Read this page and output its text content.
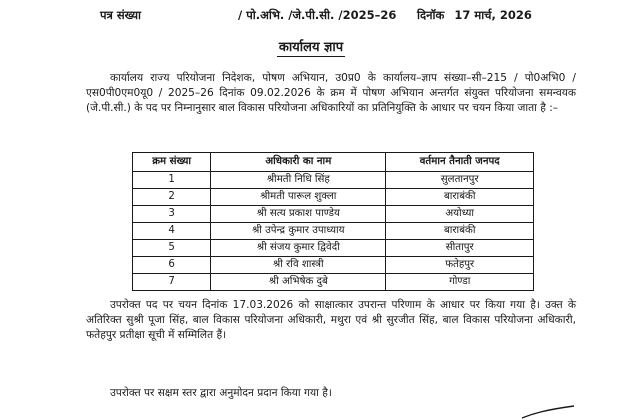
पत्र संख्या	/ पो.अभि. /जे.पी.सी. /2025–26 दिनॉक 17 मार्च, 2026
कार्यालय ज्ञाप
कार्यालय राज्य परियोजना निदेशक, पोषण अभियान, उ0प्र0 के कार्यालय–ज्ञाप संख्या–सी–215 / पो0अभि0 / एस0पी0एम0यू0 / 2025–26 दिनांक 09.02.2026 के क्रम में पोषण अभियान अन्तर्गत संयुक्त परियोजना समन्वयक (जे.पी.सी.) के पद पर निम्नानुसार बाल विकास परियोजना अधिकारियों का प्रतिनियुक्ति के आधार पर चयन किया जाता है :–
क्रम संख्या	अधिकारी का नाम	वर्तमान तैनाती जनपद
1	श्रीमती निधि सिंह	सुलतानपुर
2	श्रीमती पारूल शुक्ला	बाराबंकी
3	श्री सत्य प्रकाश पाण्डेय	अयोध्या
4	श्री उपेन्द्र कुमार उपाध्याय	बाराबंकी
5	श्री संजय कुमार द्विवेदी	सीतापुर
6	श्री रवि शास्त्री	फतेहपुर
7	श्री अभिषेक दुबे	गोण्डा
उपरोक्त पद पर चयन दिनांक 17.03.2026 को साक्षात्कार उपरान्त परिणाम के आधार पर किया गया है। उक्त के अतिरिक्त सुश्री पूजा सिंह, बाल विकास परियोजना अधिकारी, मथुरा एवं श्री सुरजीत सिंह, बाल विकास परियोजना अधिकारी, फतेहपुर प्रतीक्षा सूची में सम्मिलित हैं।
उपरोक्त पर सक्षम स्तर द्वारा अनुमोदन प्रदान किया गया है।
